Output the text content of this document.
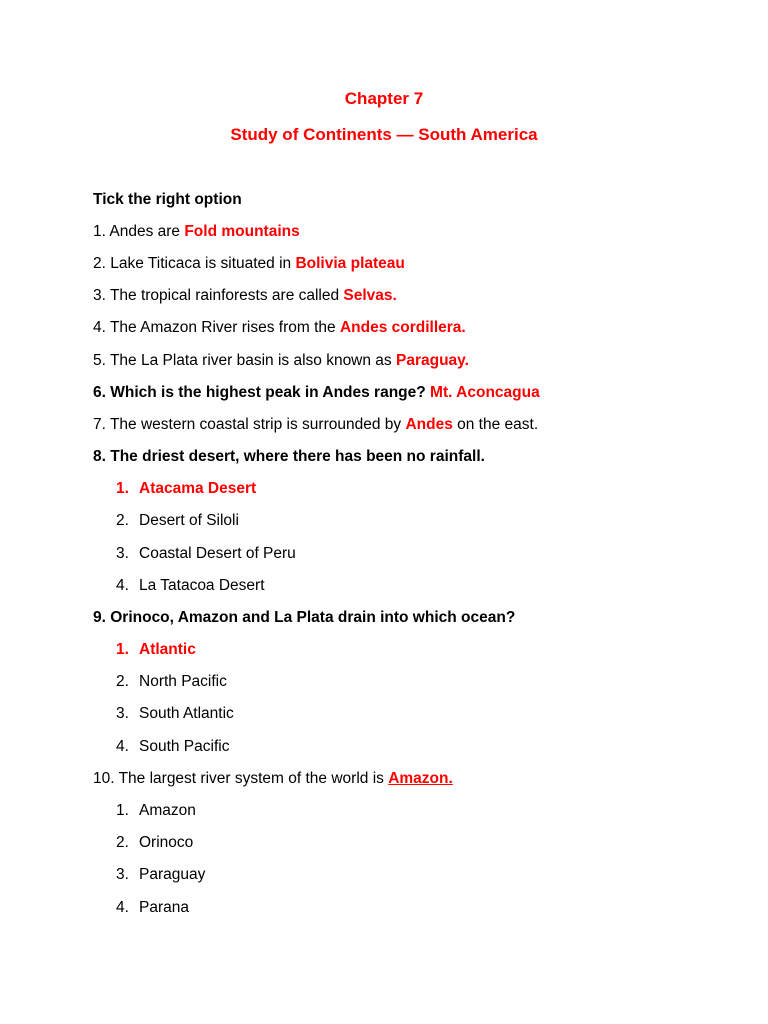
Chapter 7
Study of Continents — South America
Tick the right option
1. Andes are Fold mountains
2. Lake Titicaca is situated in Bolivia plateau
3. The tropical rainforests are called Selvas.
4. The Amazon River rises from the Andes cordillera.
5. The La Plata river basin is also known as Paraguay.
6. Which is the highest peak in Andes range? Mt. Aconcagua
7. The western coastal strip is surrounded by Andes on the east.
8. The driest desert, where there has been no rainfall.
1. Atacama Desert
2. Desert of Siloli
3. Coastal Desert of Peru
4. La Tatacoa Desert
9. Orinoco, Amazon and La Plata drain into which ocean?
1. Atlantic
2. North Pacific
3. South Atlantic
4. South Pacific
10. The largest river system of the world is Amazon.
1. Amazon
2. Orinoco
3. Paraguay
4. Parana
